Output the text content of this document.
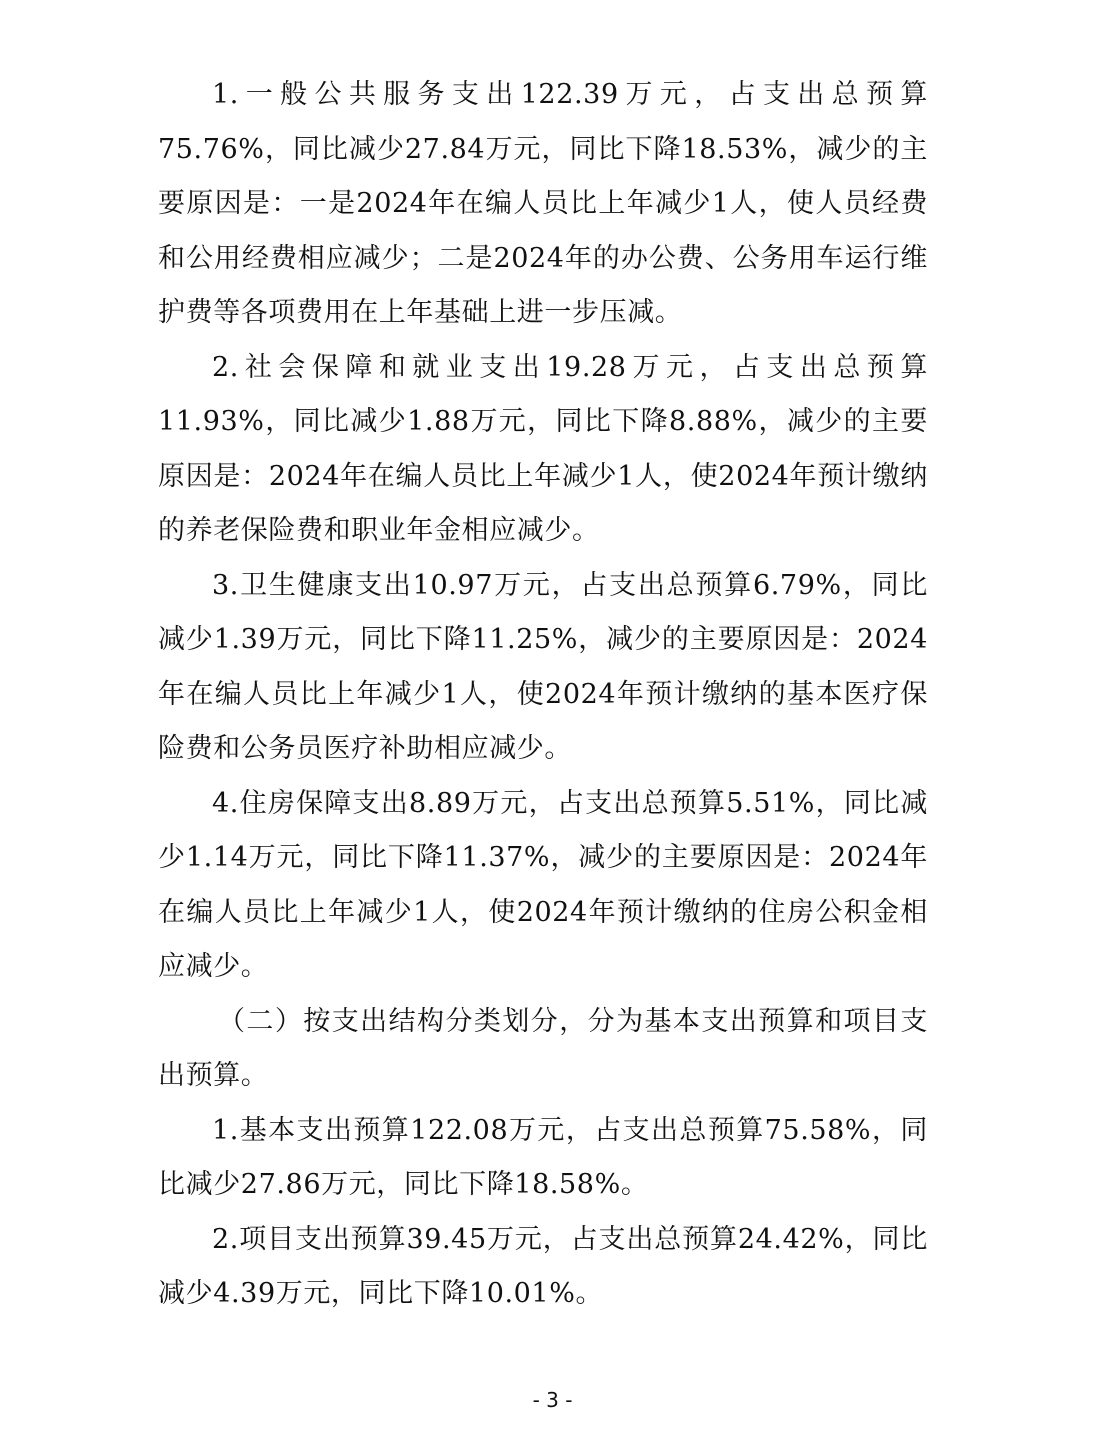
1.一般公共服务支出122.39万元，占支出总预算75.76%，同比减少27.84万元，同比下降18.53%，减少的主要原因是：一是2024年在编人员比上年减少1人，使人员经费和公用经费相应减少；二是2024年的办公费、公务用车运行维护费等各项费用在上年基础上进一步压减。

2.社会保障和就业支出19.28万元，占支出总预算11.93%，同比减少1.88万元，同比下降8.88%，减少的主要原因是：2024年在编人员比上年减少1人，使2024年预计缴纳的养老保险费和职业年金相应减少。

3.卫生健康支出10.97万元，占支出总预算6.79%，同比减少1.39万元，同比下降11.25%，减少的主要原因是：2024年在编人员比上年减少1人，使2024年预计缴纳的基本医疗保险费和公务员医疗补助相应减少。

4.住房保障支出8.89万元，占支出总预算5.51%，同比减少1.14万元，同比下降11.37%，减少的主要原因是：2024年在编人员比上年减少1人，使2024年预计缴纳的住房公积金相应减少。

（二）按支出结构分类划分，分为基本支出预算和项目支出预算。

1.基本支出预算122.08万元，占支出总预算75.58%，同比减少27.86万元，同比下降18.58%。

2.项目支出预算39.45万元，占支出总预算24.42%，同比减少4.39万元，同比下降10.01%。

- 3 -
